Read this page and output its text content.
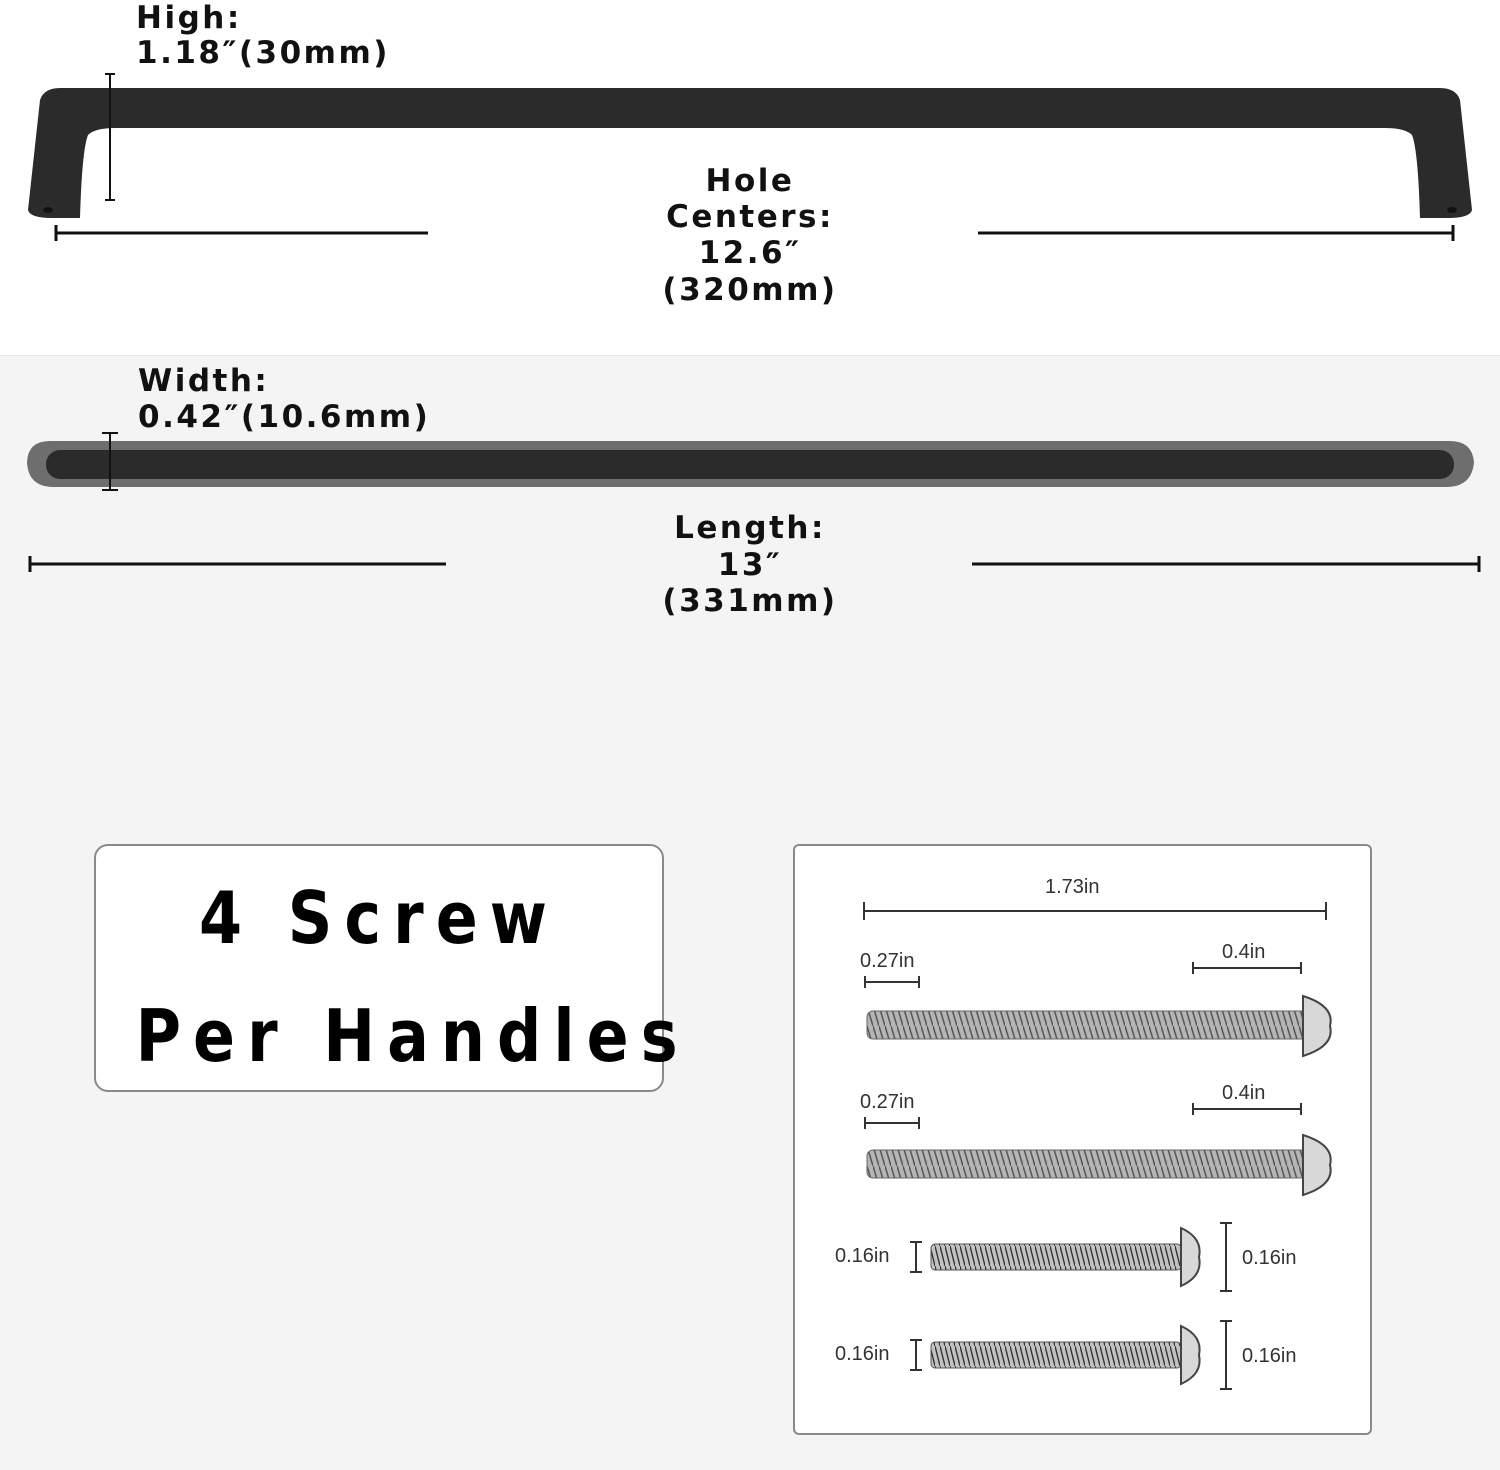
High:
1.18″(30mm)
Hole
Centers:
12.6″
(320mm)
Width:
0.42″(10.6mm)
Length:
13″
(331mm)
4 Screw
Per Handles
1.73in
0.27in	0.4in
0.27in	0.4in
0.16in	0.16in
0.16in	0.16in
